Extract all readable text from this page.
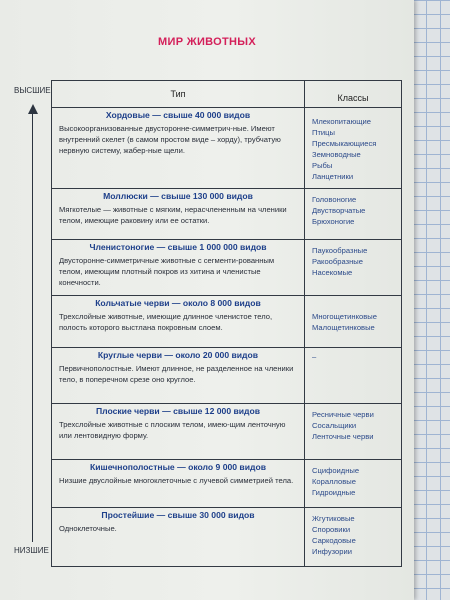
МИР ЖИВОТНЫХ
ВЫСШИЕ
НИЗШИЕ
Тип	Классы
Хордовые — свыше 40 000 видов
Высокоорганизованные двусторонне-симметрич-ные. Имеют внутренний скелет (в самом простом виде – хорду), трубчатую нервную систему, жабер-ные щели.
Млекопитающие
Птицы
Пресмыкающиеся
Земноводные
Рыбы
Ланцетники
Моллюски — свыше 130 000 видов
Мягкотелые — животные с мягким, нерасчлененным на членики телом, имеющие раковину или ее остатки.
Головоногие
Двустворчатые
Брюхоногие
Членистоногие — свыше 1 000 000 видов
Двусторонне-симметричные животные с сегменти-рованным телом, имеющим плотный покров из хитина и членистые конечности.
Паукообразные
Ракообразные
Насекомые
Кольчатые черви — около 8 000 видов
Трехслойные животные, имеющие длинное членистое тело, полость которого выстлана покровным слоем.
Многощетинковые
Малощетинковые
Круглые черви — около 20 000 видов
Первичнополостные. Имеют длинное, не разделенное на членики тело, в поперечном срезе оно круглое.
–
Плоские черви — свыше 12 000 видов
Трехслойные животные с плоским телом, имею-щим ленточную или лентовидную форму.
Ресничные черви
Сосальщики
Ленточные черви
Кишечнополостные — около 9 000 видов
Низшие двуслойные многоклеточные с лучевой симметрией тела.
Сцифоидные
Коралловые
Гидроидные
Простейшие — свыше 30 000 видов
Одноклеточные.
Жгутиковые
Споровики
Саркодовые
Инфузории
